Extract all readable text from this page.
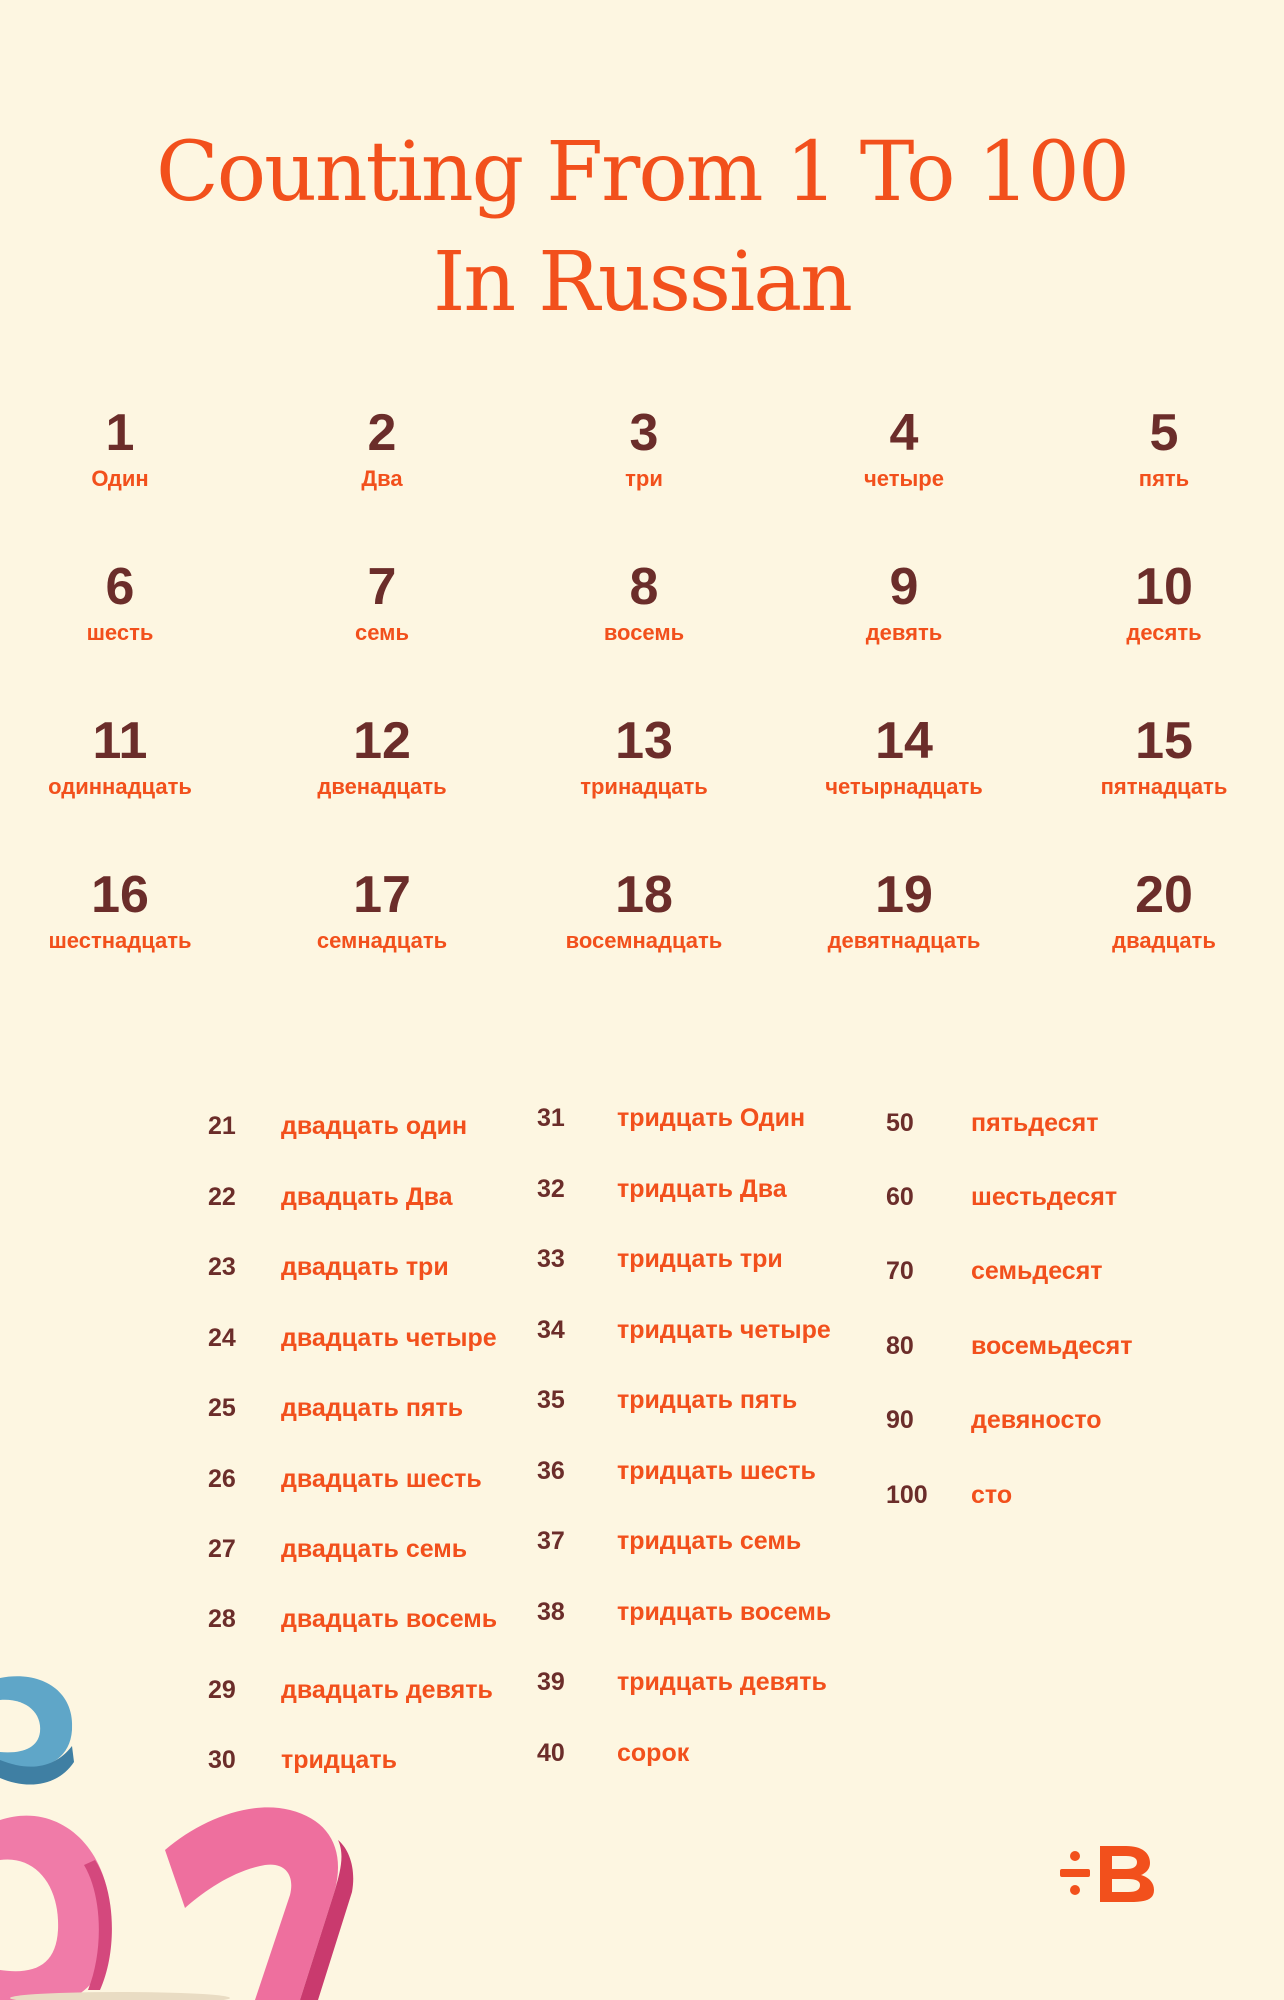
Counting From 1 To 100
In Russian
1
Один
2
Два
3
три
4
четыре
5
пять
6
шесть
7
семь
8
восемь
9
девять
10
десять
11
одиннадцать
12
двенадцать
13
тринадцать
14
четырнадцать
15
пятнадцать
16
шестнадцать
17
семнадцать
18
восемнадцать
19
девятнадцать
20
двадцать
21 двадцать один
22 двадцать Два
23 двадцать три
24 двадцать четыре
25 двадцать пять
26 двадцать шесть
27 двадцать семь
28 двадцать восемь
29 двадцать девять
30 тридцать
31 тридцать Один
32 тридцать Два
33 тридцать три
34 тридцать четыре
35 тридцать пять
36 тридцать шесть
37 тридцать семь
38 тридцать восемь
39 тридцать девять
40 сорок
50 пятьдесят
60 шестьдесят
70 семьдесят
80 восемьдесят
90 девяносто
100 сто
